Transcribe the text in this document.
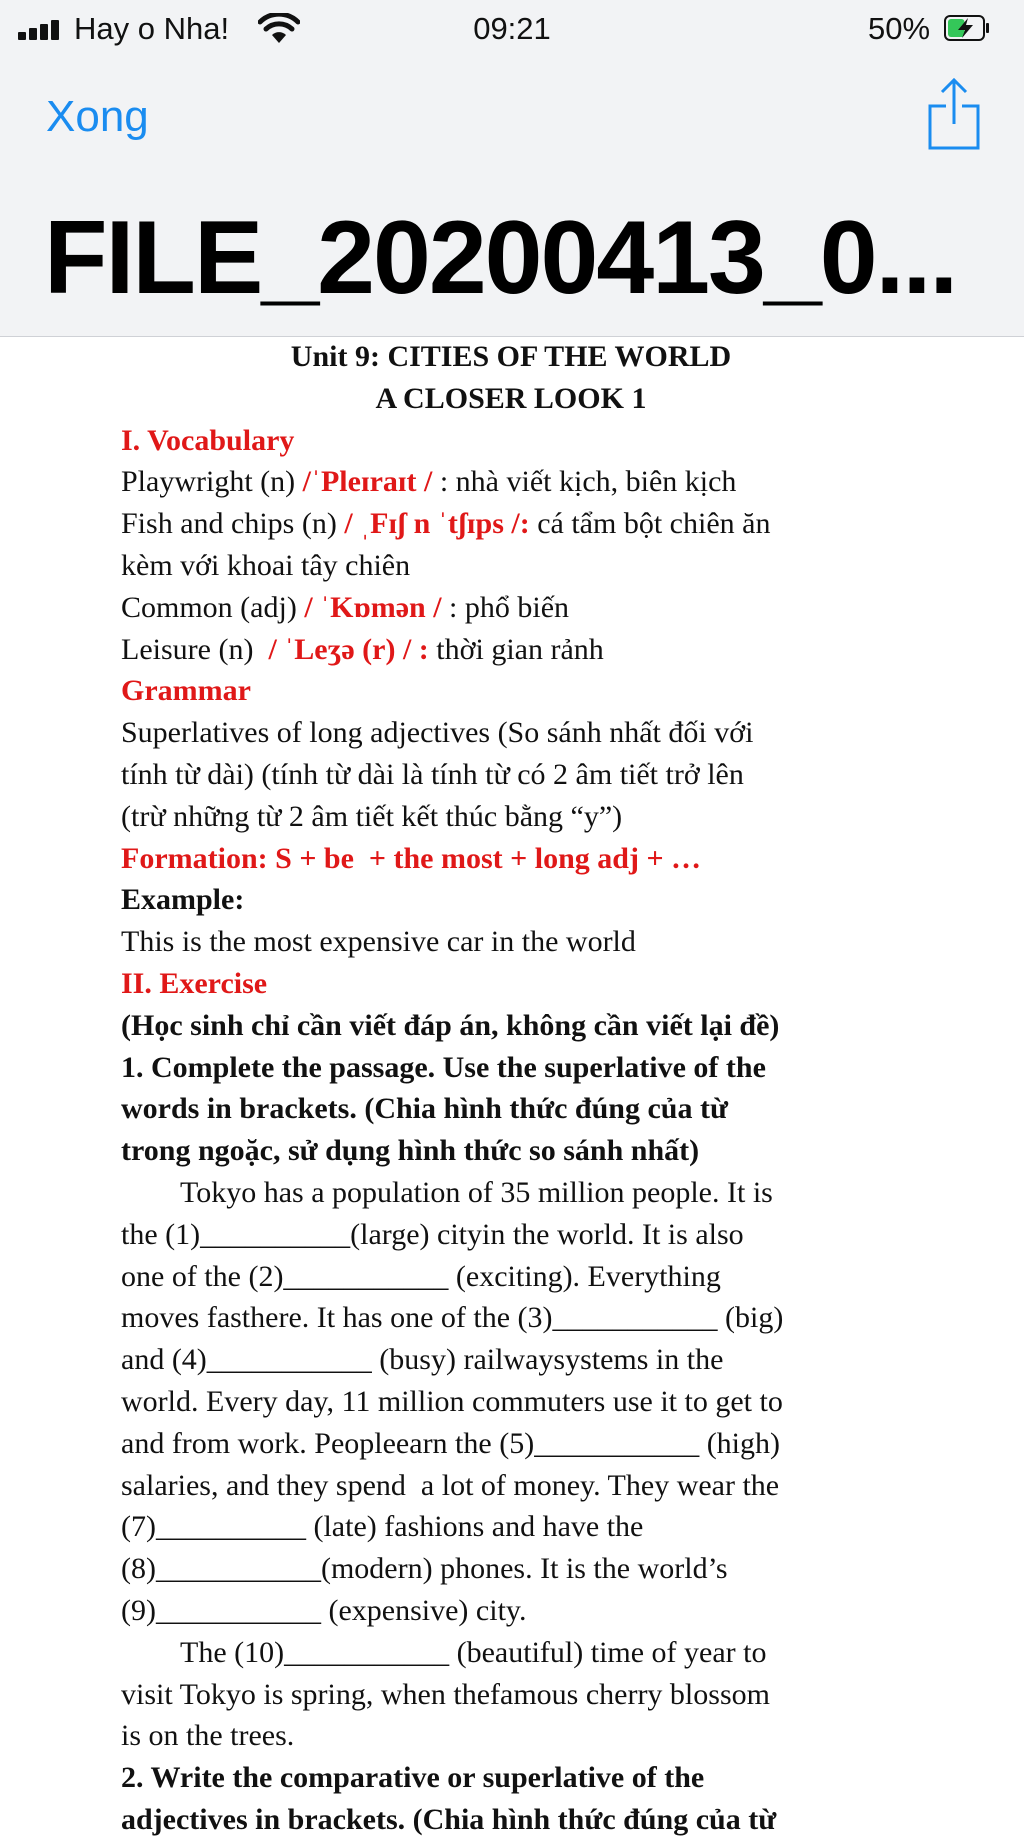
Hay o Nha!	09:21	50%
Xong
FILE_20200413_0...
Unit 9: CITIES OF THE WORLD
A CLOSER LOOK 1
I. Vocabulary
Playwright (n) /ˈPleɪraɪt / : nhà viết kịch, biên kịch
Fish and chips (n) / ˌFɪʃ n ˈtʃɪps /: cá tẩm bột chiên ăn
kèm với khoai tây chiên
Common (adj) / ˈKɒmən / : phổ biến
Leisure (n)  / ˈLeʒə (r) / : thời gian rảnh
Grammar
Superlatives of long adjectives (So sánh nhất đối với
tính từ dài) (tính từ dài là tính từ có 2 âm tiết trở lên
(trừ những từ 2 âm tiết kết thúc bằng “y”)
Formation: S + be  + the most + long adj + …
Example:
This is the most expensive car in the world
II. Exercise
(Học sinh chỉ cần viết đáp án, không cần viết lại đề)
1. Complete the passage. Use the superlative of the
words in brackets. (Chia hình thức đúng của từ
trong ngoặc, sử dụng hình thức so sánh nhất)
Tokyo has a population of 35 million people. It is
the (1)__________(large) cityin the world. It is also
one of the (2)___________ (exciting). Everything
moves fasthere. It has one of the (3)___________ (big)
and (4)___________ (busy) railwaysystems in the
world. Every day, 11 million commuters use it to get to
and from work. Peopleearn the (5)___________ (high)
salaries, and they spend  a lot of money. They wear the
(7)__________ (late) fashions and have the
(8)___________(modern) phones. It is the world’s
(9)___________ (expensive) city.
The (10)___________ (beautiful) time of year to
visit Tokyo is spring, when thefamous cherry blossom
is on the trees.
2. Write the comparative or superlative of the
adjectives in brackets. (Chia hình thức đúng của từ
